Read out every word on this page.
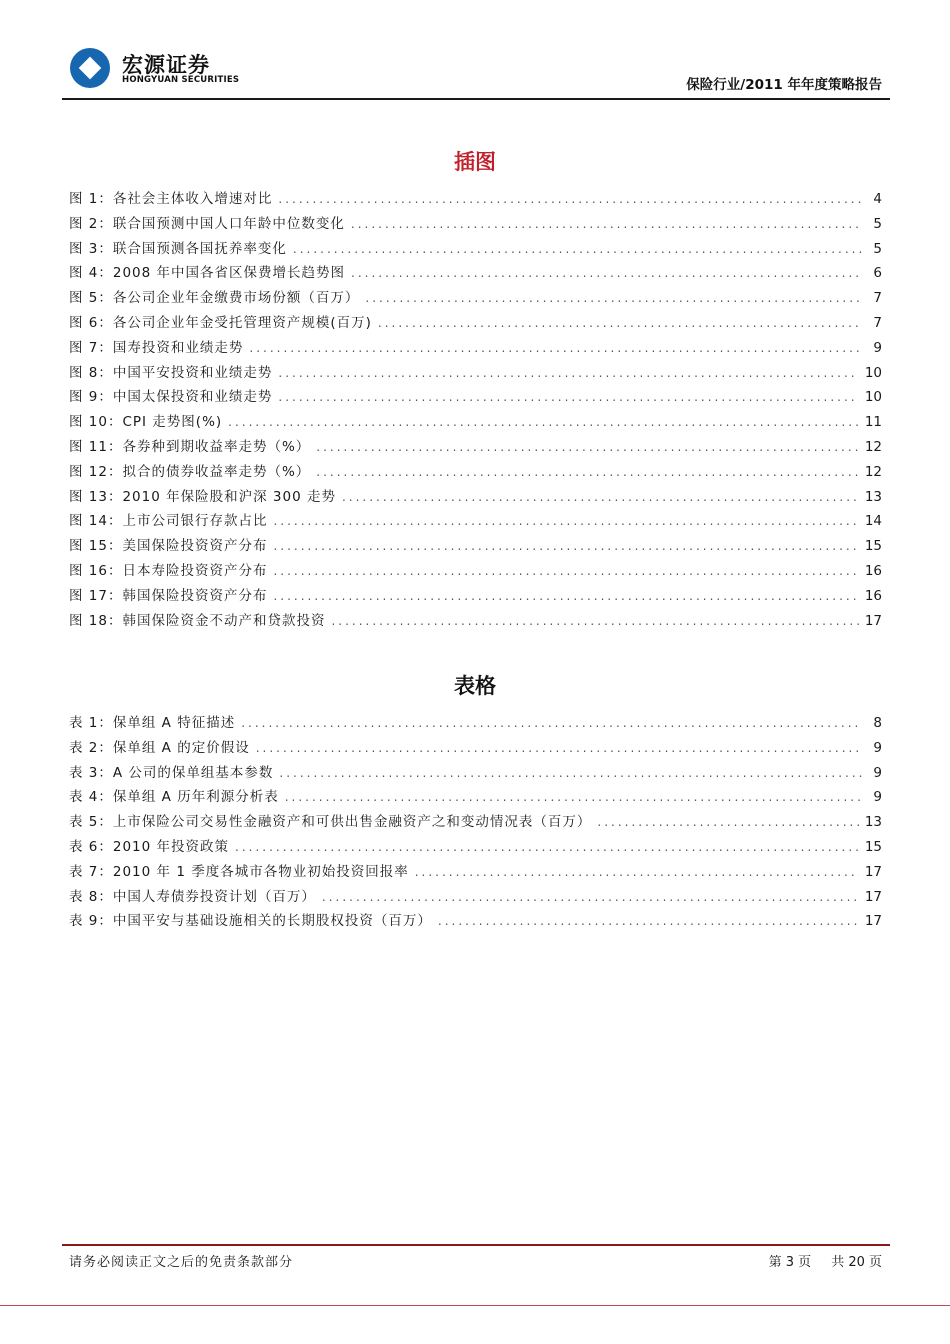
宏源证券
HONGYUAN SECURITIES	保险行业/2011 年年度策略报告
插图
图 1：各社会主体收入增速对比 .....	4
图 2：联合国预测中国人口年龄中位数变化 .....	5
图 3：联合国预测各国抚养率变化 .....	5
图 4：2008 年中国各省区保费增长趋势图 .....	6
图 5：各公司企业年金缴费市场份额（百万） .....	7
图 6：各公司企业年金受托管理资产规模(百万) .....	7
图 7：国寿投资和业绩走势 .....	9
图 8：中国平安投资和业绩走势 .....	10
图 9：中国太保投资和业绩走势 .....	10
图 10：CPI 走势图(%) .....	11
图 11：各券种到期收益率走势（%） .....	12
图 12：拟合的债券收益率走势（%） .....	12
图 13：2010 年保险股和沪深 300 走势 .....	13
图 14：上市公司银行存款占比 .....	14
图 15：美国保险投资资产分布 .....	15
图 16：日本寿险投资资产分布 .....	16
图 17：韩国保险投资资产分布 .....	16
图 18：韩国保险资金不动产和贷款投资 .....	17
表格
表 1：保单组 A 特征描述 .....	8
表 2：保单组 A 的定价假设 .....	9
表 3：A 公司的保单组基本参数 .....	9
表 4：保单组 A 历年利源分析表 .....	9
表 5：上市保险公司交易性金融资产和可供出售金融资产之和变动情况表（百万） .....	13
表 6：2010 年投资政策 .....	15
表 7：2010 年 1 季度各城市各物业初始投资回报率 .....	17
表 8：中国人寿债券投资计划（百万） .....	17
表 9：中国平安与基础设施相关的长期股权投资（百万） .....	17
请务必阅读正文之后的免责条款部分	第 3 页 共 20 页
